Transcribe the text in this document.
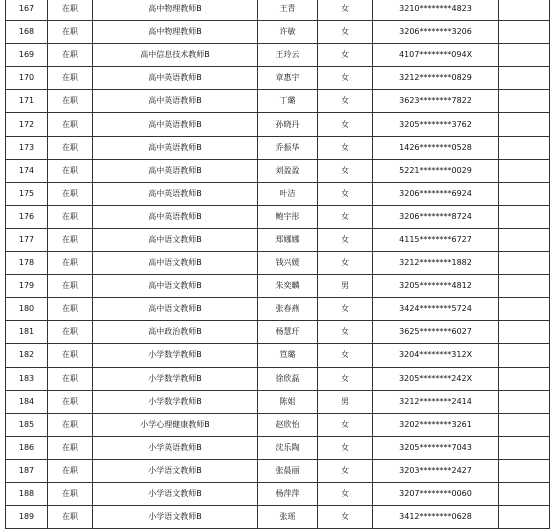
167	在职	高中物理教师B	王青	女	3210********4823	
168	在职	高中物理教师B	许敏	女	3206********3206	
169	在职	高中信息技术教师B	王玲云	女	4107********094X	
170	在职	高中英语教师B	章惠宇	女	3212********0829	
171	在职	高中英语教师B	丁璐	女	3623********7822	
172	在职	高中英语教师B	孙晓丹	女	3205********3762	
173	在职	高中英语教师B	乔振华	女	1426********0528	
174	在职	高中英语教师B	刘盈盈	女	5221********0029	
175	在职	高中英语教师B	叶洁	女	3206********6924	
176	在职	高中英语教师B	鲍宇彤	女	3206********8724	
177	在职	高中语文教师B	郑娜娜	女	4115********6727	
178	在职	高中语文教师B	钱兴媛	女	3212********1882	
179	在职	高中语文教师B	朱奕麟	男	3205********4812	
180	在职	高中语文教师B	张春燕	女	3424********5724	
181	在职	高中政治教师B	杨慧玗	女	3625********6027	
182	在职	小学数学教师B	笪璐	女	3204********312X	
183	在职	小学数学教师B	徐欣磊	女	3205********242X	
184	在职	小学数学教师B	陈姐	男	3212********2414	
185	在职	小学心理健康教师B	赵欣怡	女	3202********3261	
186	在职	小学英语教师B	沈乐陶	女	3205********7043	
187	在职	小学语文教师B	张晨丽	女	3203********2427	
188	在职	小学语文教师B	杨萍萍	女	3207********0060	
189	在职	小学语文教师B	张瑶	女	3412********0628	
